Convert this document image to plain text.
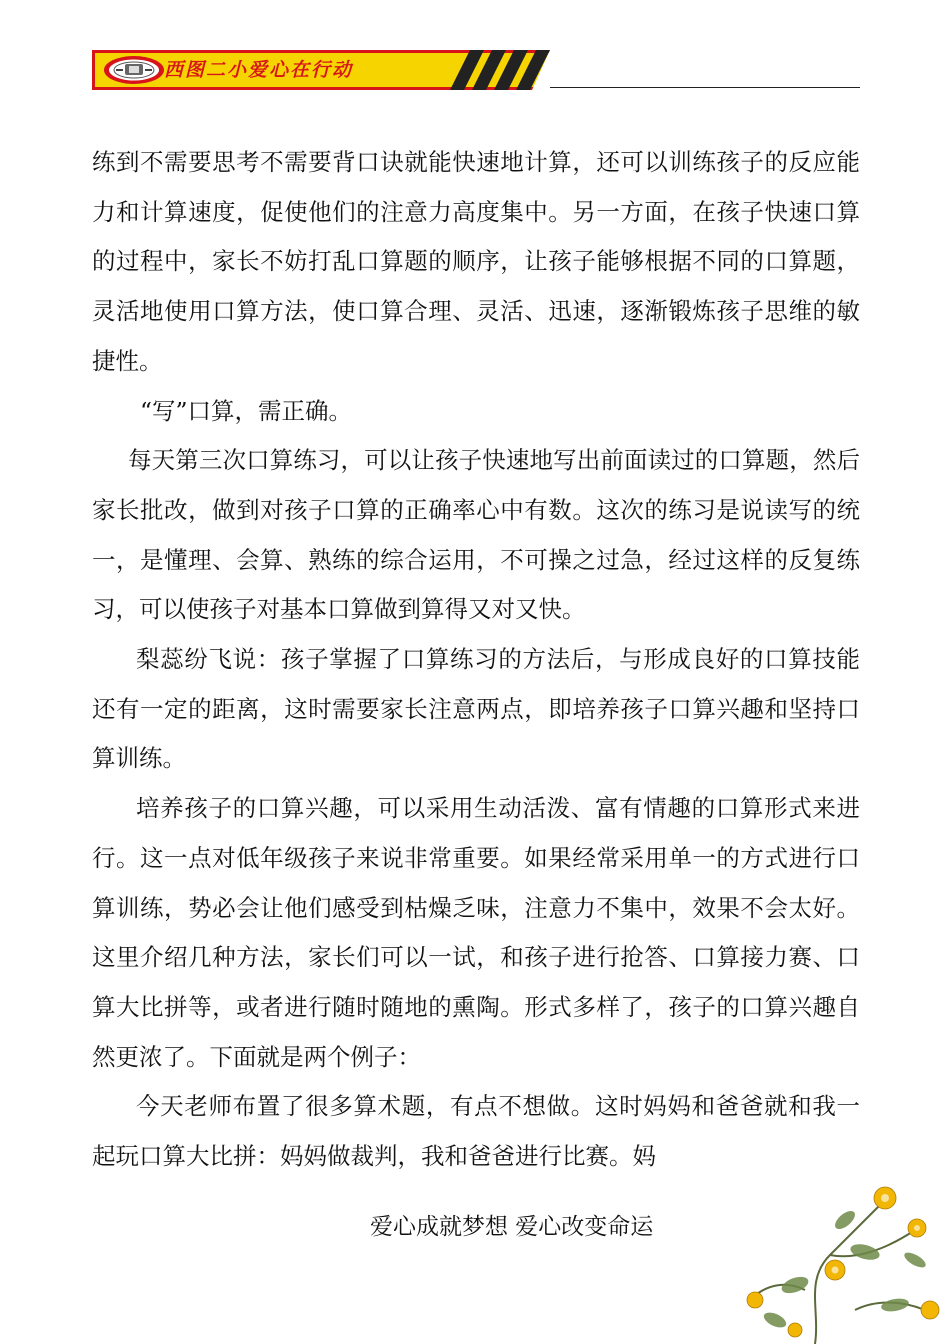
西图二小爱心在行动

练到不需要思考不需要背口诀就能快速地计算，还可以训练孩子的反应能力和计算速度，促使他们的注意力高度集中。另一方面，在孩子快速口算的过程中，家长不妨打乱口算题的顺序，让孩子能够根据不同的口算题，灵活地使用口算方法，使口算合理、灵活、迅速，逐渐锻炼孩子思维的敏捷性。

“写”口算，需正确。

每天第三次口算练习，可以让孩子快速地写出前面读过的口算题，然后家长批改，做到对孩子口算的正确率心中有数。这次的练习是说读写的统一，是懂理、会算、熟练的综合运用，不可操之过急，经过这样的反复练习，可以使孩子对基本口算做到算得又对又快。

梨蕊纷飞说：孩子掌握了口算练习的方法后，与形成良好的口算技能还有一定的距离，这时需要家长注意两点，即培养孩子口算兴趣和坚持口算训练。

培养孩子的口算兴趣，可以采用生动活泼、富有情趣的口算形式来进行。这一点对低年级孩子来说非常重要。如果经常采用单一的方式进行口算训练，势必会让他们感受到枯燥乏味，注意力不集中，效果不会太好。这里介绍几种方法，家长们可以一试，和孩子进行抢答、口算接力赛、口算大比拼等，或者进行随时随地的熏陶。形式多样了，孩子的口算兴趣自然更浓了。下面就是两个例子：

今天老师布置了很多算术题，有点不想做。这时妈妈和爸爸就和我一起玩口算大比拼：妈妈做裁判，我和爸爸进行比赛。妈

爱心成就梦想 爱心改变命运
